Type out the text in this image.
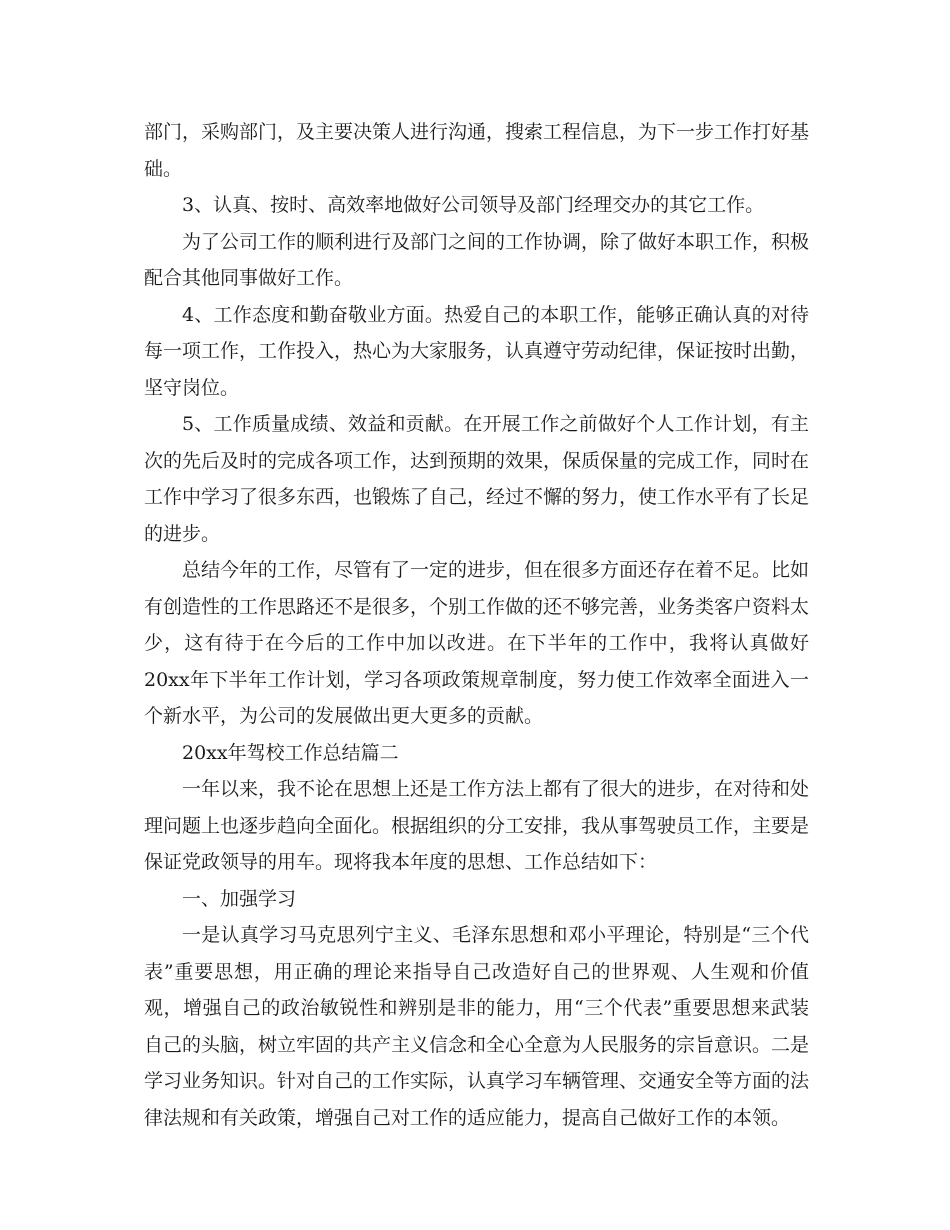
部门，采购部门，及主要决策人进行沟通，搜索工程信息，为下一步工作打好基础。

3、认真、按时、高效率地做好公司领导及部门经理交办的其它工作。

为了公司工作的顺利进行及部门之间的工作协调，除了做好本职工作，积极配合其他同事做好工作。

4、工作态度和勤奋敬业方面。热爱自己的本职工作，能够正确认真的对待每一项工作，工作投入，热心为大家服务，认真遵守劳动纪律，保证按时出勤，坚守岗位。

5、工作质量成绩、效益和贡献。在开展工作之前做好个人工作计划，有主次的先后及时的完成各项工作，达到预期的效果，保质保量的完成工作，同时在工作中学习了很多东西，也锻炼了自己，经过不懈的努力，使工作水平有了长足的进步。

总结今年的工作，尽管有了一定的进步，但在很多方面还存在着不足。比如有创造性的工作思路还不是很多，个别工作做的还不够完善，业务类客户资料太少，这有待于在今后的工作中加以改进。在下半年的工作中，我将认真做好20xx年下半年工作计划，学习各项政策规章制度，努力使工作效率全面进入一个新水平，为公司的发展做出更大更多的贡献。

20xx年驾校工作总结篇二

一年以来，我不论在思想上还是工作方法上都有了很大的进步，在对待和处理问题上也逐步趋向全面化。根据组织的分工安排，我从事驾驶员工作，主要是保证党政领导的用车。现将我本年度的思想、工作总结如下：

一、加强学习

一是认真学习马克思列宁主义、毛泽东思想和邓小平理论，特别是“三个代表”重要思想，用正确的理论来指导自己改造好自己的世界观、人生观和价值观，增强自己的政治敏锐性和辨别是非的能力，用“三个代表”重要思想来武装自己的头脑，树立牢固的共产主义信念和全心全意为人民服务的宗旨意识。二是学习业务知识。针对自己的工作实际，认真学习车辆管理、交通安全等方面的法律法规和有关政策，增强自己对工作的适应能力，提高自己做好工作的本领。
